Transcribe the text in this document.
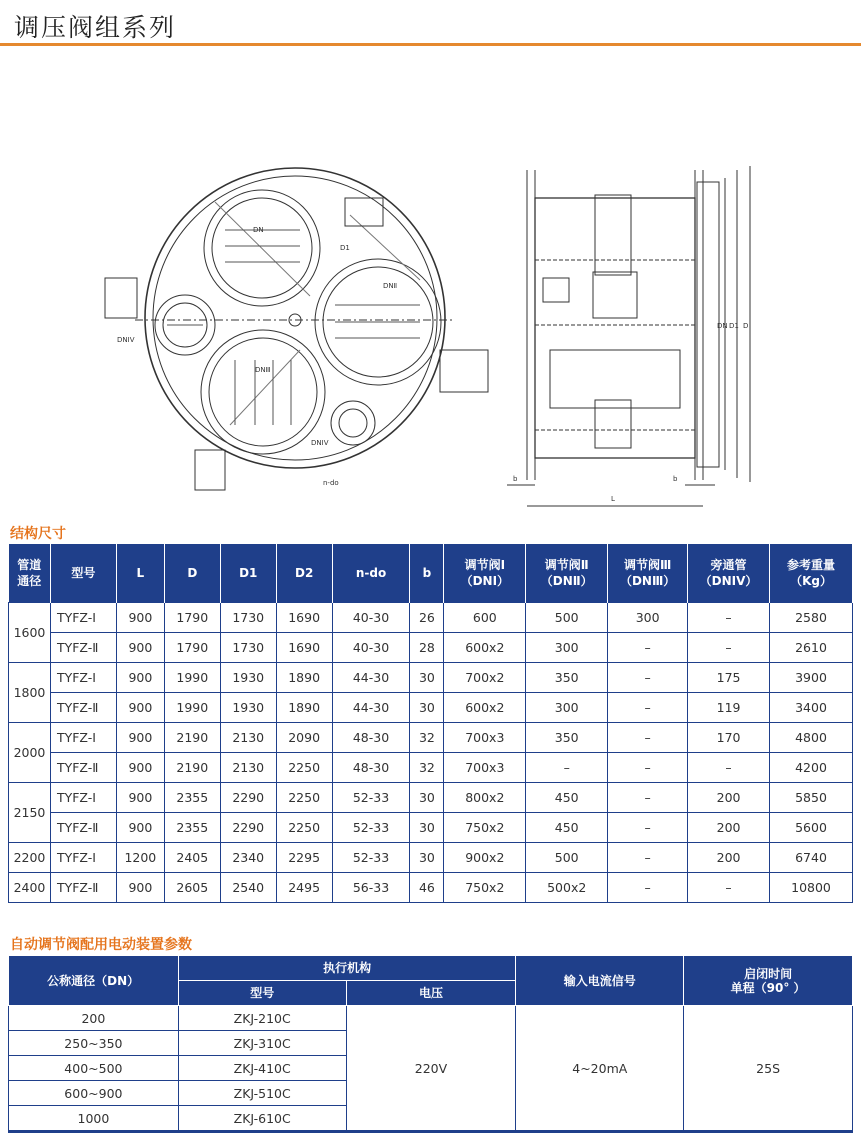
调压阀组系列
DN
D1
DNⅡ
DNⅢ
DNIV
DNIV
n-do
DN D1 D
b	b
L
结构尺寸
管道
通径	型号	L	D	D1	D2	n-do	b	调节阀Ⅰ
（DNⅠ）	调节阀Ⅱ
（DNⅡ）	调节阀Ⅲ
（DNⅢ）	旁通管
（DNIV）	参考重量
（Kg）
1600	TYFZ-Ⅰ	900	1790	1730	1690	40-30	26	600	500	300	–	2580
	TYFZ-Ⅱ	900	1790	1730	1690	40-30	28	600x2	300	–	–	2610
1800	TYFZ-Ⅰ	900	1990	1930	1890	44-30	30	700x2	350	–	175	3900
	TYFZ-Ⅱ	900	1990	1930	1890	44-30	30	600x2	300	–	119	3400
2000	TYFZ-Ⅰ	900	2190	2130	2090	48-30	32	700x3	350	–	170	4800
	TYFZ-Ⅱ	900	2190	2130	2250	48-30	32	700x3	–	–	–	4200
2150	TYFZ-Ⅰ	900	2355	2290	2250	52-33	30	800x2	450	–	200	5850
	TYFZ-Ⅱ	900	2355	2290	2250	52-33	30	750x2	450	–	200	5600
2200	TYFZ-Ⅰ	1200	2405	2340	2295	52-33	30	900x2	500	–	200	6740
2400	TYFZ-Ⅱ	900	2605	2540	2495	56-33	46	750x2	500x2	–	–	10800
自动调节阀配用电动装置参数
公称通径（DN）	执行机构		输入电流信号	启闭时间
单程（90° ）
	型号	电压		
200	ZKJ-210C	220V	4~20mA	25S
250~350	ZKJ-310C			
400~500	ZKJ-410C			
600~900	ZKJ-510C			
1000	ZKJ-610C			
